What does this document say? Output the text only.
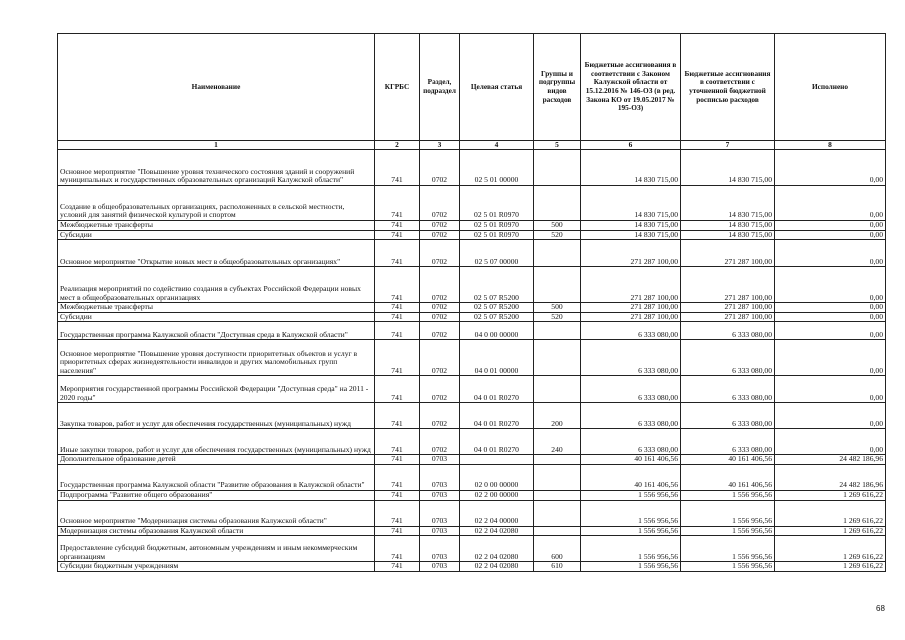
Наименование	КГРБС	Раздел, подраздел	Целевая статья	Группы и подгруппы видов расходов	Бюджетные ассигнования в соответствии с Законом Калужской области от 15.12.2016 № 146-ОЗ (в ред. Закона КО от 19.05.2017 № 195-ОЗ)	Бюджетные ассигнования в соответствии с уточненной бюджетной росписью расходов	Исполнено
1	2	3	4	5	6	7	8
Основное мероприятие "Повышение уровня технического состояния зданий и сооружений муниципальных и государственных образовательных организаций Калужской области"	741	0702	02 5 01 00000		14 830 715,00	14 830 715,00	0,00
Создание в общеобразовательных организациях, расположенных в сельской местности, условий для занятий физической культурой и спортом	741	0702	02 5 01 R0970		14 830 715,00	14 830 715,00	0,00
Межбюджетные трансферты	741	0702	02 5 01 R0970	500	14 830 715,00	14 830 715,00	0,00
Субсидии	741	0702	02 5 01 R0970	520	14 830 715,00	14 830 715,00	0,00
Основное мероприятие "Открытие новых мест в общеобразовательных организациях"	741	0702	02 5 07 00000		271 287 100,00	271 287 100,00	0,00
Реализация мероприятий по содействию создания в субъектах Российской Федерации новых мест в общеобразовательных организациях	741	0702	02 5 07 R5200		271 287 100,00	271 287 100,00	0,00
Межбюджетные трансферты	741	0702	02 5 07 R5200	500	271 287 100,00	271 287 100,00	0,00
Субсидии	741	0702	02 5 07 R5200	520	271 287 100,00	271 287 100,00	0,00
Государственная программа Калужской области "Доступная среда в Калужской области"	741	0702	04 0 00 00000		6 333 080,00	6 333 080,00	0,00
Основное мероприятие "Повышение уровня доступности приоритетных объектов и услуг в приоритетных сферах жизнедеятельности инвалидов и других маломобильных групп населения"	741	0702	04 0 01 00000		6 333 080,00	6 333 080,00	0,00
Мероприятия государственной программы Российской Федерации "Доступная среда" на 2011 - 2020 годы"	741	0702	04 0 01 R0270		6 333 080,00	6 333 080,00	0,00
Закупка товаров, работ и услуг для обеспечения государственных (муниципальных) нужд	741	0702	04 0 01 R0270	200	6 333 080,00	6 333 080,00	0,00
Иные закупки товаров, работ и услуг для обеспечения государственных (муниципальных) нужд	741	0702	04 0 01 R0270	240	6 333 080,00	6 333 080,00	0,00
Дополнительное образование детей	741	0703			40 161 406,56	40 161 406,56	24 482 186,96
Государственная программа Калужской области "Развитие образования в Калужской области"	741	0703	02 0 00 00000		40 161 406,56	40 161 406,56	24 482 186,96
Подпрограмма "Развитие общего образования"	741	0703	02 2 00 00000		1 556 956,56	1 556 956,56	1 269 616,22
Основное мероприятие "Модернизация системы образования Калужской области"	741	0703	02 2 04 00000		1 556 956,56	1 556 956,56	1 269 616,22
Модернизация системы образования Калужской области	741	0703	02 2 04 02080		1 556 956,56	1 556 956,56	1 269 616,22
Предоставление субсидий бюджетным, автономным учреждениям и иным некоммерческим организациям	741	0703	02 2 04 02080	600	1 556 956,56	1 556 956,56	1 269 616,22
Субсидии бюджетным учреждениям	741	0703	02 2 04 02080	610	1 556 956,56	1 556 956,56	1 269 616,22
68
